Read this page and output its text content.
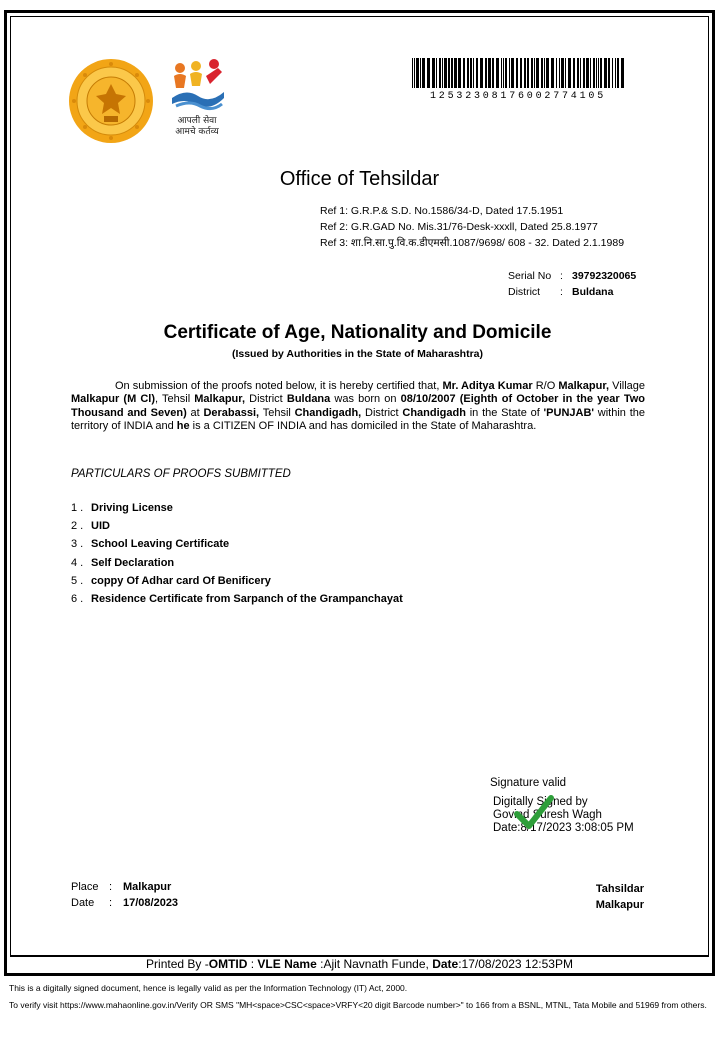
आपली सेवा
आमचे कर्तव्य
12532308176002774105
Office of Tehsildar
Ref 1: G.R.P.& S.D. No.1586/34-D, Dated 17.5.1951
Ref 2: G.R.GAD No. Mis.31/76-Desk-xxxll, Dated 25.8.1977
Ref 3: शा.नि.सा.पु.वि.क.डीएमसी.1087/9698/ 608 - 32. Dated 2.1.1989
Serial No : 39792320065
District : Buldana
Certificate of Age, Nationality and Domicile
(Issued by Authorities in the State of Maharashtra)
On submission of the proofs noted below, it is hereby certified that, Mr. Aditya Kumar R/O Malkapur, Village Malkapur (M Cl), Tehsil Malkapur, District Buldana was born on 08/10/2007 (Eighth of October in the year Two Thousand and Seven) at Derabassi, Tehsil Chandigadh, District Chandigadh in the State of 'PUNJAB' within the territory of INDIA and he is a CITIZEN OF INDIA and has domiciled in the State of Maharashtra.
PARTICULARS OF PROOFS SUBMITTED
1 . Driving License
2 . UID
3 . School Leaving Certificate
4 . Self Declaration
5 . coppy Of Adhar card Of Benificery
6 . Residence Certificate from Sarpanch of the Grampanchayat
Signature valid
Digitally Signed by
Govind Suresh Wagh
Date:8/17/2023 3:08:05 PM
Place : Malkapur
Date : 17/08/2023
Tahsildar
Malkapur
Printed By -OMTID : VLE Name :Ajit Navnath Funde, Date:17/08/2023 12:53PM
This is a digitally signed document, hence is legally valid as per the Information Technology (IT) Act, 2000.
To verify visit https://www.mahaonline.gov.in/Verify OR SMS "MH<space>CSC<space>VRFY<20 digit Barcode number>" to 166 from a BSNL, MTNL, Tata Mobile and 51969 from others.
